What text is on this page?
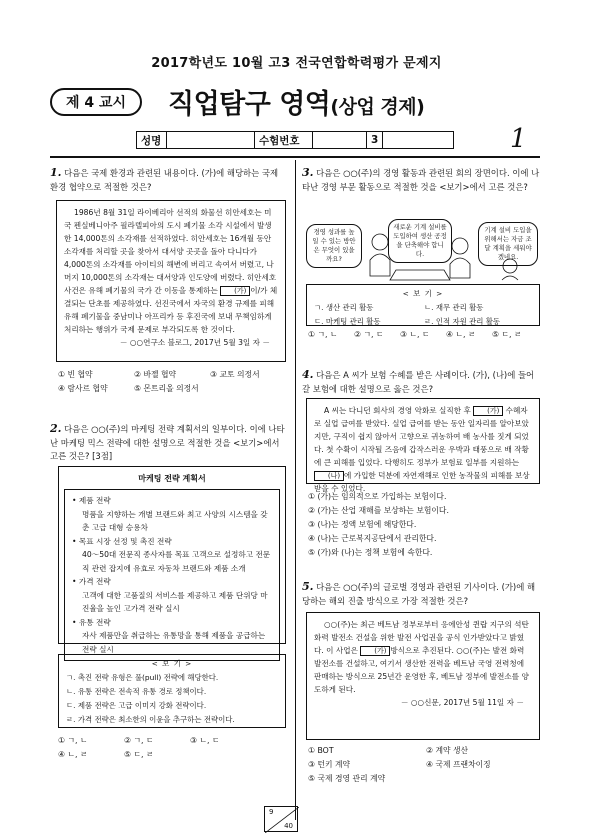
2017학년도 10월 고3 전국연합학력평가 문제지
제 4 교시	직업탐구 영역(상업 경제)
성명	수험번호	3	1
1. 다음은 국제 환경과 관련된 내용이다. (가)에 해당하는 국제 환경 협약으로 적절한 것은?

1986년 8월 31일 라이베리아 선적의 화물선 히안세호는 미국 펜실베니아주 필라델피아의 도시 폐기물 소각 시설에서 발생한 14,000톤의 소각재를 선적하였다. 히안세호는 16개월 동안 소각재를 처리할 곳을 찾아서 대서양 곳곳을 돌아 다니다가 4,000톤의 소각재를 아이티의 해변에 버리고 속여서 버렸고, 나머지 10,000톤의 소각재는 대서양과 인도양에 버렸다. 히안세호 사건은 유해 폐기물의 국가 간 이동을 통제하는 (가) 이/가 체결되는 단초를 제공하였다. 선진국에서 자국의 환경 규제를 피해 유해 폐기물을 중남미나 아프리카 등 후진국에 보내 무책임하게 처리하는 행위가 국제 문제로 부각되도록 한 것이다.

－ ○○연구소 블로그, 2017년 5월 3일 자 －
① 빈 협약	② 바젤 협약	③ 교토 의정서
④ 람사르 협약	⑤ 몬트리올 의정서
2. 다음은 ○○(주)의 마케팅 전략 계획서의 일부이다. 이에 나타난 마케팅 믹스 전략에 대한 설명으로 적절한 것을 <보기>에서 고른 것은? [3점]
마케팅 전략 계획서
• 제품 전략
명품을 지향하는 개별 브랜드와 최고 사양의 시스템을 갖춘 고급 대형 승용차
• 목표 시장 선정 및 촉진 전략
40～50대 전문직 종사자를 목표 고객으로 설정하고 전문직 관련 잡지에 유효로 자동차 브랜드와 제품 소개
• 가격 전략
고객에 대한 고품질의 서비스를 제공하고 제품 단위당 마진율을 높인 고가격 전략 실시
• 유통 전략
자사 제품만을 취급하는 유통망을 통해 제품을 공급하는 전략 실시
< 보 기 >
ㄱ. 촉진 전략 유형은 풀(pull) 전략에 해당한다.
ㄴ. 유통 전략은 전속적 유통 경로 정책이다.
ㄷ. 제품 전략은 고급 이미지 강화 전략이다.
ㄹ. 가격 전략은 최소한의 이윤을 추구하는 전략이다.
① ㄱ, ㄴ	② ㄱ, ㄷ	③ ㄴ, ㄷ
④ ㄴ, ㄹ	⑤ ㄷ, ㄹ
3. 다음은 ○○(주)의 경영 활동과 관련된 회의 장면이다. 이에 나타난 경영 부문 활동으로 적절한 것을 <보기>에서 고른 것은?
경영 성과를 높일 수 있는 방안은 무엇이 있을까요?
새로운 기계 설비를 도입하여 생산 공정을 단축해야 합니다.
기계 설비 도입을 위해서는 자금 조달 계획을 세워야겠네요.
< 보 기 >
ㄱ. 생산 관리 활동	ㄴ. 재무 관리 활동
ㄷ. 마케팅 관리 활동	ㄹ. 인적 자원 관리 활동
① ㄱ, ㄴ ② ㄱ, ㄷ ③ ㄴ, ㄷ ④ ㄴ, ㄹ ⑤ ㄷ, ㄹ
4. 다음은 A 씨가 보험 수혜를 받은 사례이다. (가), (나)에 들어갈 보험에 대한 설명으로 옳은 것은?

A 씨는 다니던 회사의 경영 악화로 실직한 후 (가) 수혜자로 실업 급여를 받았다. 실업 급여를 받는 동안 일자리를 알아보았지만, 구직이 쉽지 않아서 고향으로 귀농하여 배 농사를 짓게 되었다. 첫 수확이 시작될 즈음에 갑작스러운 우박과 태풍으로 배 작황에 큰 피해를 입었다. 다행히도 정부가 보험료 일부를 지원하는 (나) 에 가입한 덕분에 자연재해로 인한 농작물의 피해를 보상받을 수 있었다.

① (가)는 임의적으로 가입하는 보험이다.
② (가)는 산업 재해를 보상하는 보험이다.
③ (나)는 정액 보험에 해당한다.
④ (나)는 근로복지공단에서 관리한다.
⑤ (가)와 (나)는 정책 보험에 속한다.
5. 다음은 ○○(주)의 글로벌 경영과 관련된 기사이다. (가)에 해당하는 해외 진출 방식으로 가장 적절한 것은?

○○(주)는 최근 베트남 정부로부터 응에안성 퀸랍 지구의 석탄 화력 발전소 건설을 위한 발전 사업권을 공식 인가받았다고 밝혔다. 이 사업은 (가) 방식으로 추진된다. ○○(주)는 발전 화력 발전소를 건설하고, 여기서 생산한 전력을 베트남 국영 전력청에 판매하는 방식으로 25년간 운영한 후, 베트남 정부에 발전소를 양도하게 된다.

－ ○○신문, 2017년 5월 11일 자 －
① BOT	② 계약 생산
③ 턴키 계약	④ 국제 프랜차이징
⑤ 국제 경영 관리 계약
9
40
